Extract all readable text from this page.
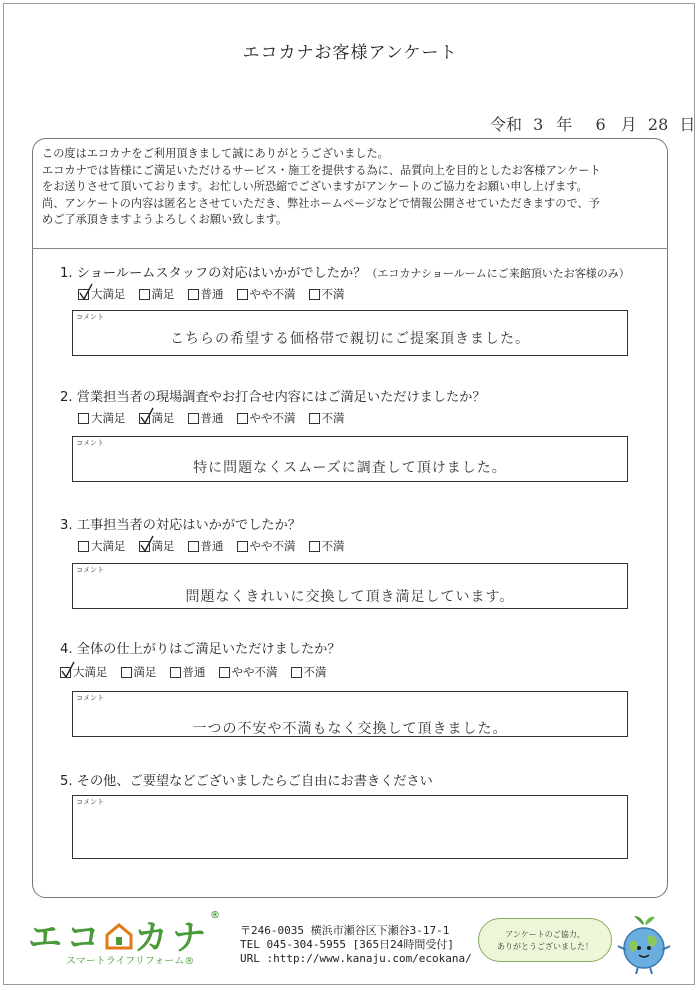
エコカナお客様アンケート
令和 3 年 6 月 28 日
この度はエコカナをご利用頂きまして誠にありがとうございました。
エコカナでは皆様にご満足いただけるサービス・施工を提供する為に、品質向上を目的としたお客様アンケート
をお送りさせて頂いております。お忙しい所恐縮でございますがアンケートのご協力をお願い申し上げます。
尚、アンケートの内容は匿名とさせていただき、弊社ホームページなどで情報公開させていただきますので、予
めご了承頂きますようよろしくお願い致します。
1. ショールームスタッフの対応はいかがでしたか？（エコカナショールームにご来館頂いたお客様のみ）
大満足 満足 普通 やや不満 不満
コメント
こちらの希望する価格帯で親切にご提案頂きました。
2. 営業担当者の現場調査やお打合せ内容にはご満足いただけましたか？
大満足 満足 普通 やや不満 不満
コメント
特に問題なくスムーズに調査して頂けました。
3. 工事担当者の対応はいかがでしたか？
大満足 満足 普通 やや不満 不満
コメント
問題なくきれいに交換して頂き満足しています。
4. 全体の仕上がりはご満足いただけましたか？
大満足 満足 普通 やや不満 不満
コメント
一つの不安や不満もなく交換して頂きました。
5. その他、ご要望などございましたらご自由にお書きください
コメント
エコ カナ®
スマートライフリフォーム®
〒246-0035 横浜市瀬谷区下瀬谷3-17-1
TEL 045-304-5955 [365日24時間受付]
URL :http://www.kanaju.com/ecokana/
アンケートのご協力、
ありがとうございました！
